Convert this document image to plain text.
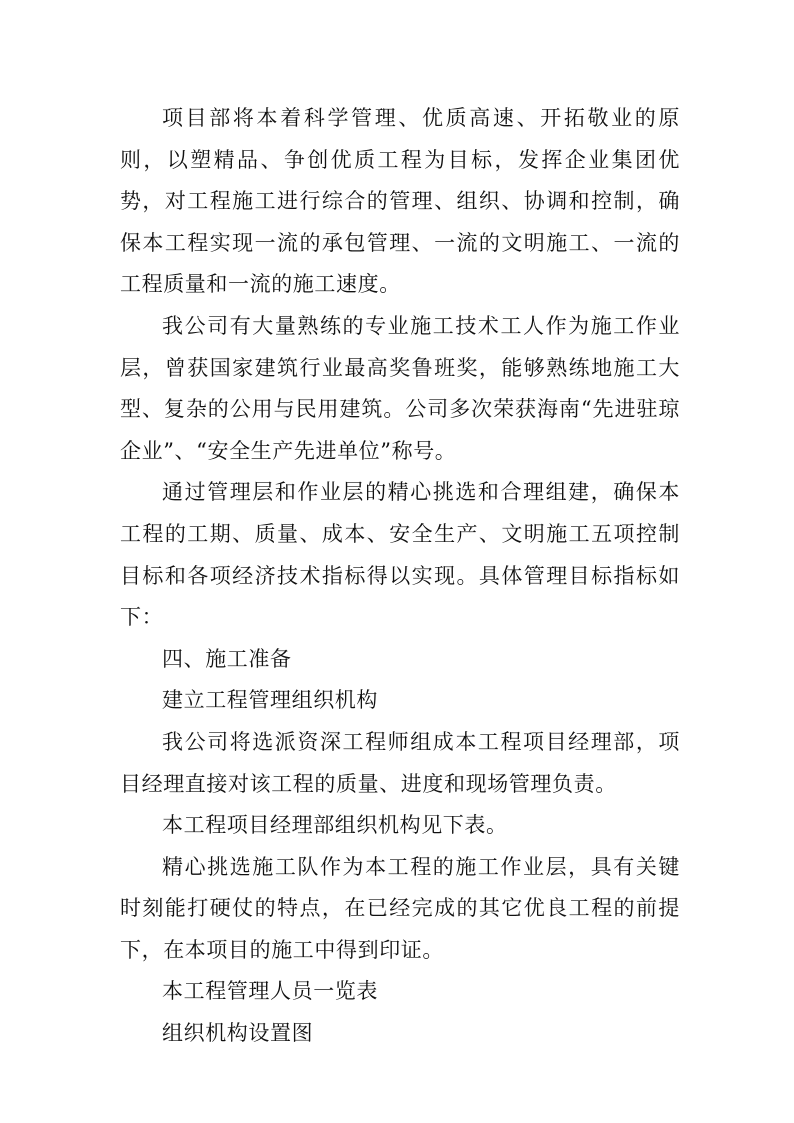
项目部将本着科学管理、优质高速、开拓敬业的原则，以塑精品、争创优质工程为目标，发挥企业集团优势，对工程施工进行综合的管理、组织、协调和控制，确保本工程实现一流的承包管理、一流的文明施工、一流的工程质量和一流的施工速度。

我公司有大量熟练的专业施工技术工人作为施工作业层，曾获国家建筑行业最高奖鲁班奖，能够熟练地施工大型、复杂的公用与民用建筑。公司多次荣获海南“先进驻琼企业”、“安全生产先进单位”称号。

通过管理层和作业层的精心挑选和合理组建，确保本工程的工期、质量、成本、安全生产、文明施工五项控制目标和各项经济技术指标得以实现。具体管理目标指标如下：

四、施工准备

建立工程管理组织机构

我公司将选派资深工程师组成本工程项目经理部，项目经理直接对该工程的质量、进度和现场管理负责。

本工程项目经理部组织机构见下表。

精心挑选施工队作为本工程的施工作业层，具有关键时刻能打硬仗的特点，在已经完成的其它优良工程的前提下，在本项目的施工中得到印证。

本工程管理人员一览表

组织机构设置图
